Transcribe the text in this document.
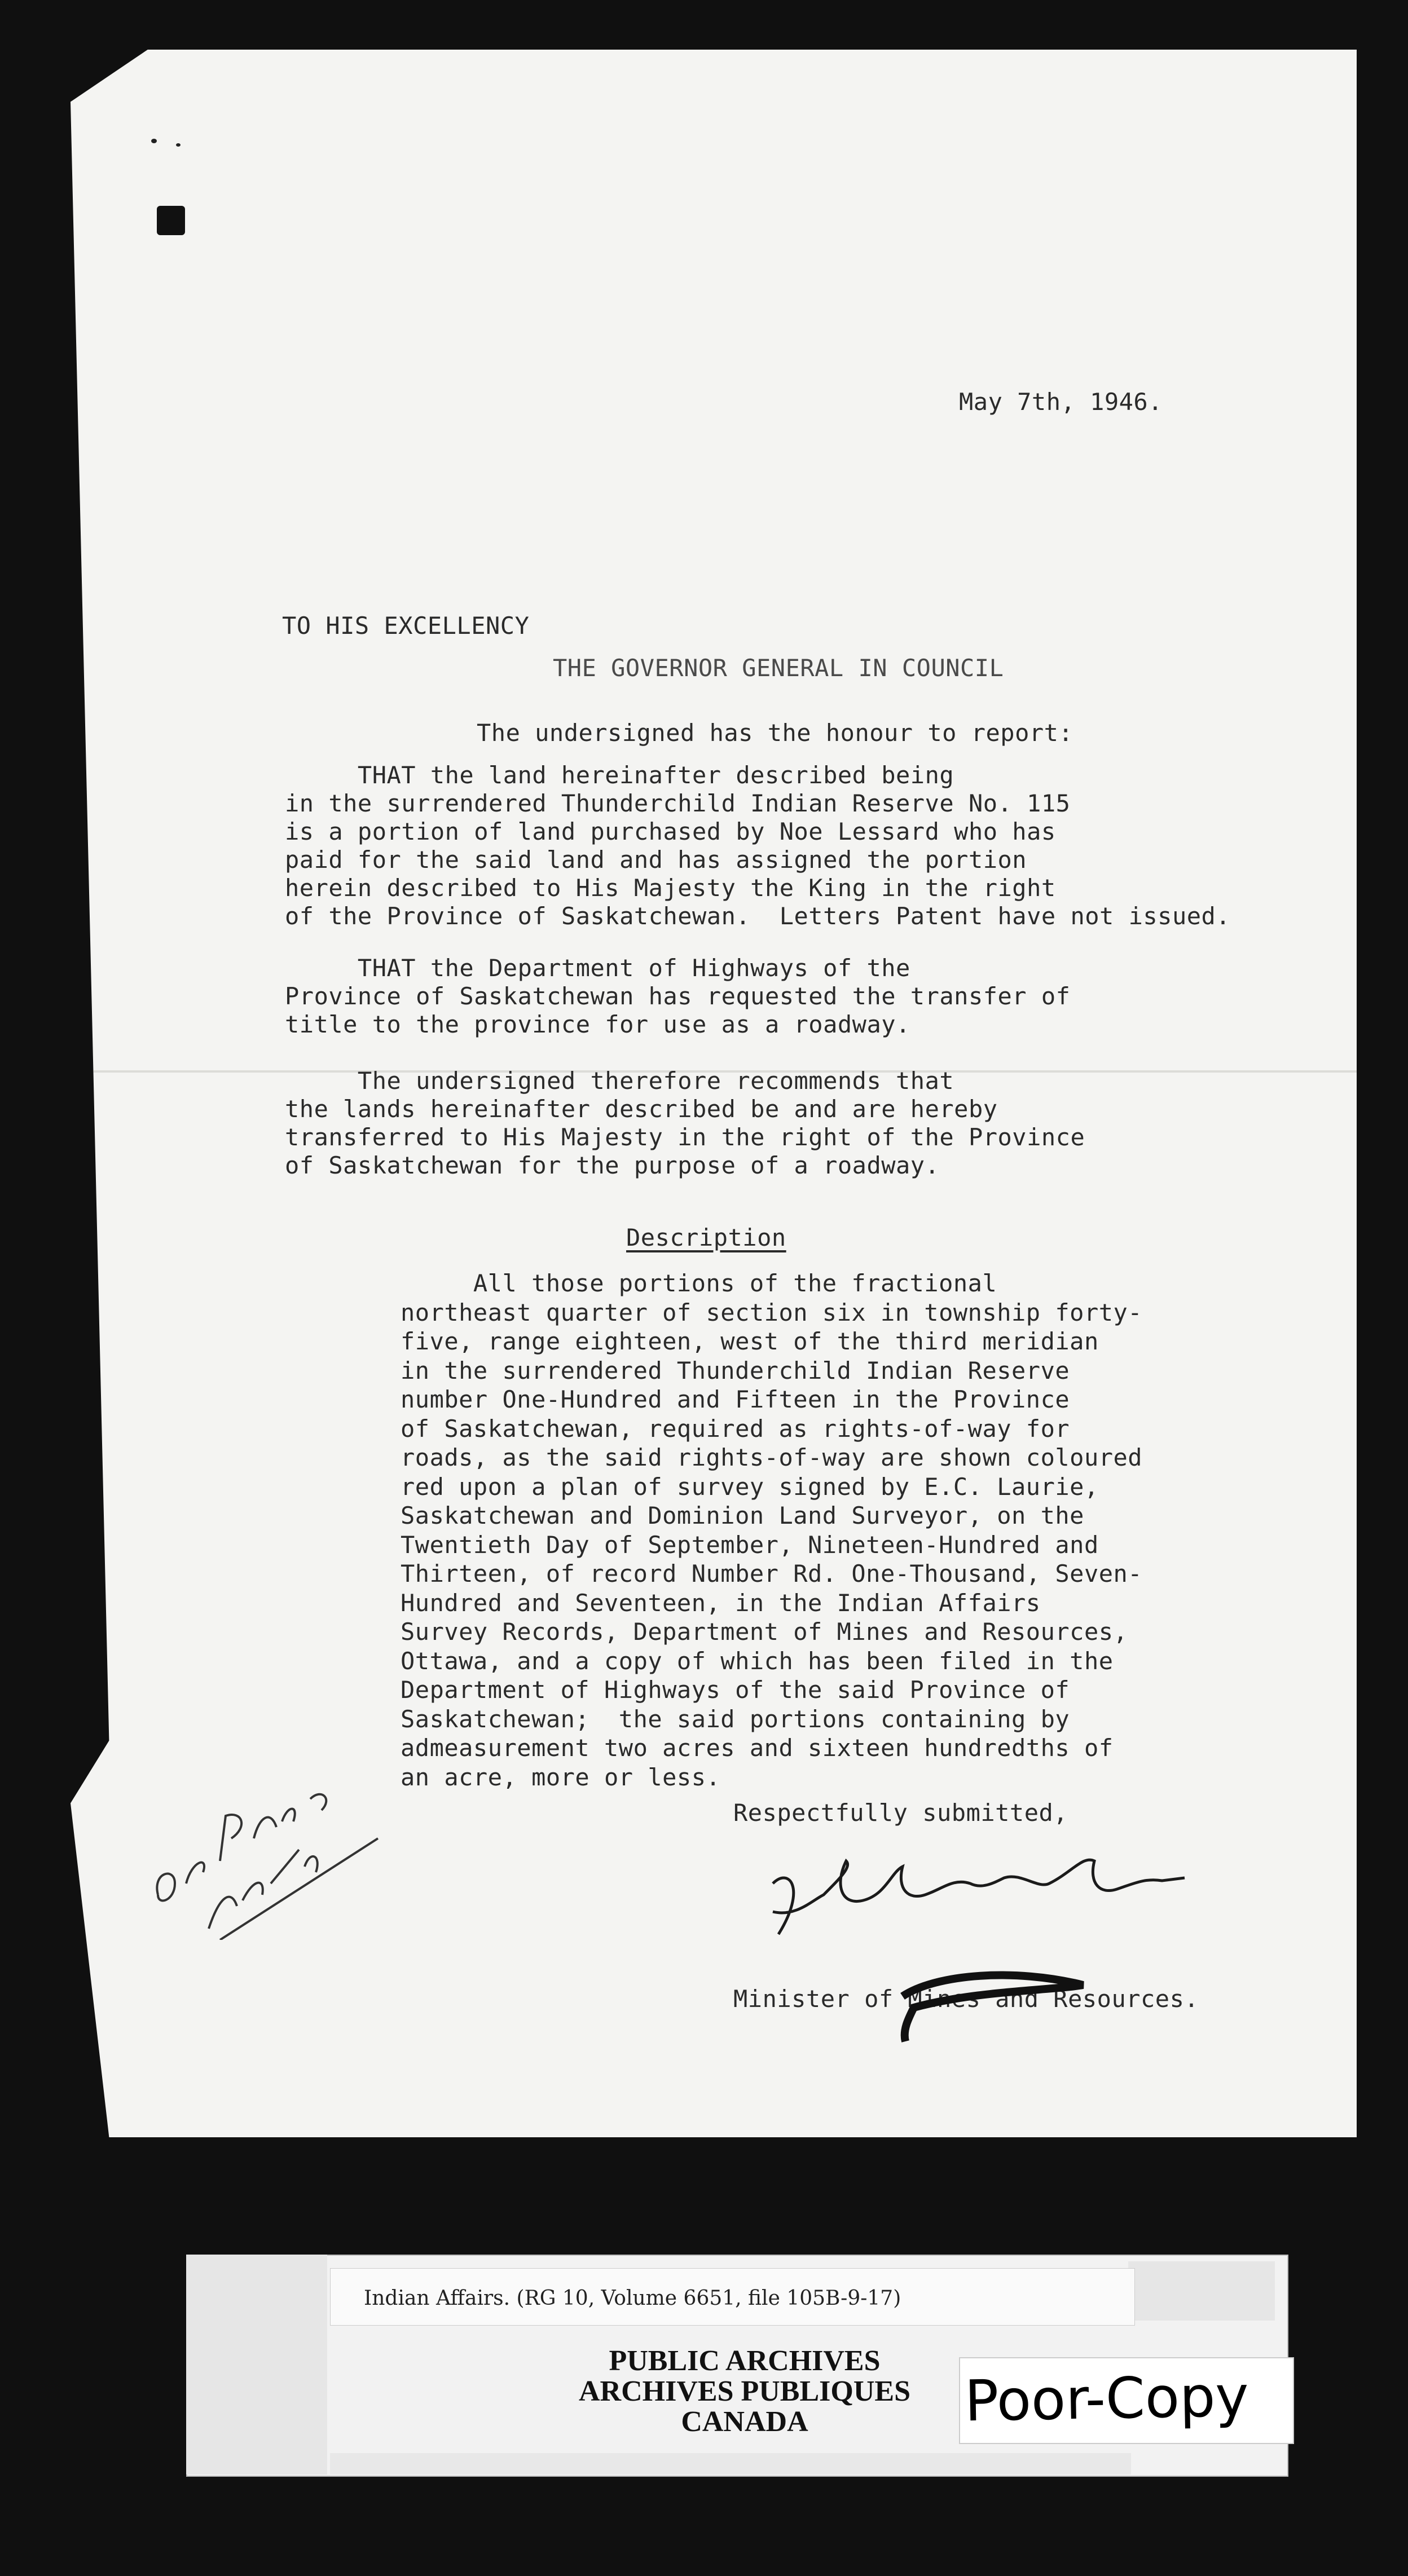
May 7th, 1946.
TO HIS EXCELLENCY
THE GOVERNOR GENERAL IN COUNCIL
The undersigned has the honour to report:
THAT the land hereinafter described being
in the surrendered Thunderchild Indian Reserve No. 115
is a portion of land purchased by Noe Lessard who has
paid for the said land and has assigned the portion
herein described to His Majesty the King in the right
of the Province of Saskatchewan.  Letters Patent have not issued.
THAT the Department of Highways of the
Province of Saskatchewan has requested the transfer of
title to the province for use as a roadway.
The undersigned therefore recommends that
the lands hereinafter described be and are hereby
transferred to His Majesty in the right of the Province
of Saskatchewan for the purpose of a roadway.
Description
All those portions of the fractional
northeast quarter of section six in township forty-
five, range eighteen, west of the third meridian
in the surrendered Thunderchild Indian Reserve
number One-Hundred and Fifteen in the Province
of Saskatchewan, required as rights-of-way for
roads, as the said rights-of-way are shown coloured
red upon a plan of survey signed by E.C. Laurie,
Saskatchewan and Dominion Land Surveyor, on the
Twentieth Day of September, Nineteen-Hundred and
Thirteen, of record Number Rd. One-Thousand, Seven-
Hundred and Seventeen, in the Indian Affairs
Survey Records, Department of Mines and Resources,
Ottawa, and a copy of which has been filed in the
Department of Highways of the said Province of
Saskatchewan;  the said portions containing by
admeasurement two acres and sixteen hundredths of
an acre, more or less.
Respectfully submitted,
Minister of Mines and Resources.
Indian Affairs. (RG 10, Volume 6651, file 105B-9-17)
PUBLIC ARCHIVES
ARCHIVES PUBLIQUES
CANADA	Poor-Copy
